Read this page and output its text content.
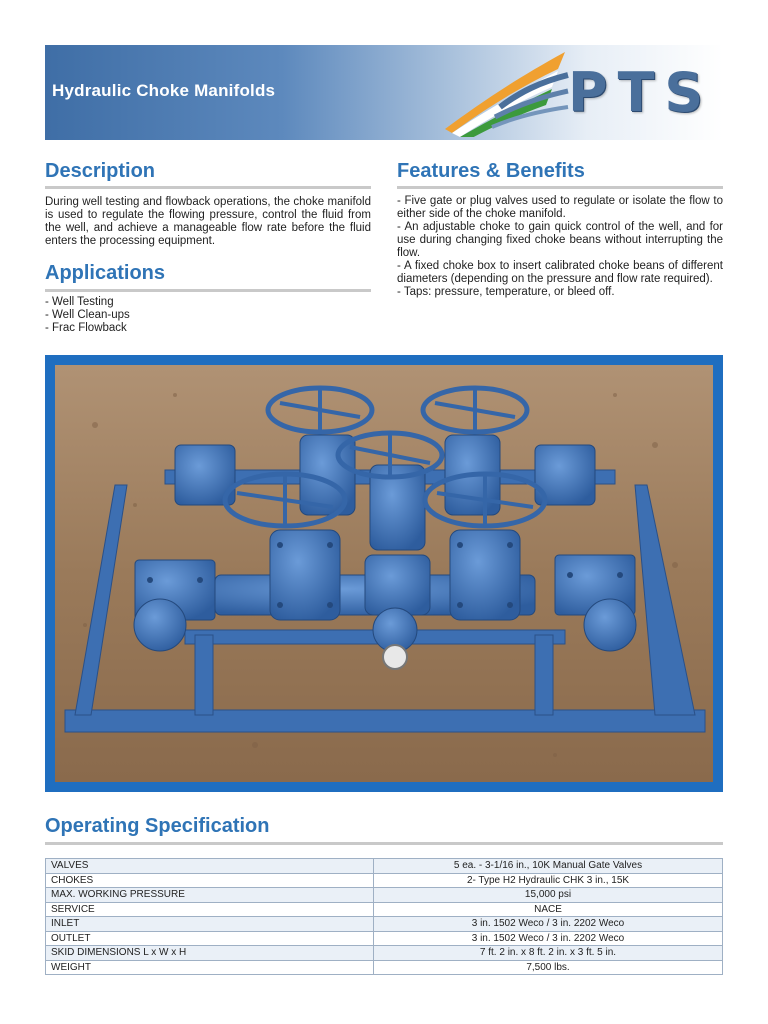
Hydraulic Choke Manifolds	PTS
Description
During well testing and flowback operations, the choke manifold is used to regulate the flowing pressure, control the fluid from the well, and achieve a manageable flow rate before the fluid enters the processing equipment.
Applications
- Well Testing
- Well Clean-ups
- Frac Flowback
Features & Benefits
- Five gate or plug valves used to regulate or isolate the flow to either side of the choke manifold.
- An adjustable choke to gain quick control of the well, and for use during changing fixed choke beans without interrupting the flow.
- A fixed choke box to insert calibrated choke beans of different diameters (depending on the pressure and flow rate required).
- Taps: pressure, temperature, or bleed off.
Operating Specification
VALVES	5 ea. - 3-1/16 in., 10K Manual Gate Valves
CHOKES	2- Type H2 Hydraulic CHK 3 in., 15K
MAX. WORKING PRESSURE	15,000 psi
SERVICE	NACE
INLET	3 in. 1502 Weco / 3 in. 2202 Weco
OUTLET	3 in. 1502 Weco / 3 in. 2202 Weco
SKID DIMENSIONS L x W x H	7 ft. 2 in. x 8 ft. 2 in. x 3 ft. 5 in.
WEIGHT	7,500 lbs.
